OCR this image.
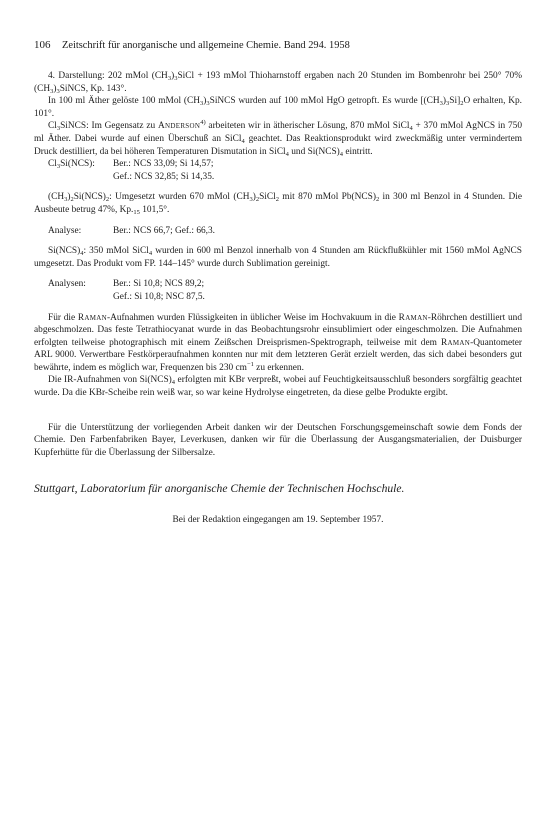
106 Zeitschrift für anorganische und allgemeine Chemie. Band 294. 1958

4. Darstellung: 202 mMol $(CH_3)_3SiCl + 193$ mMol Thioharnstoff ergaben nach 20 Stunden im Bombenrohr bei 250° 70% $(CH_3)_3SiNCS$, Kp. 143°.

In 100 ml Äther gelöste 100 mMol $(CH_3)_3SiNCS$ wurden auf 100 mMol HgO getropft. Es wurde $[(CH_3)_3Si]_2O$ erhalten, Kp. 101°.

$Cl_3SiNCS$: Im Gegensatz zu Anderson$^{4)}$ arbeiteten wir in ätherischer Lösung, 870 mMol SiCl$_4$ + 370 mMol AgNCS in 750 ml Äther. Dabei wurde auf einen Überschuß an SiCl$_4$ geachtet. Das Reaktionsprodukt wird zweckmäßig unter vermindertem Druck destilliert, da bei höheren Temperaturen Dismutation in SiCl$_4$ und $Si(NCS)_4$ eintritt.

$Cl_3Si(NCS)$: Ber.: NCS 33,09; Si 14,57;
Gef.: NCS 32,85; Si 14,35.

$(CH_3)_2Si(NCS)_2$: Umgesetzt wurden 670 mMol $(CH_3)_2SiCl_2$ mit 870 mMol $Pb(NCS)_2$ in 300 ml Benzol in 4 Stunden. Die Ausbeute betrug 47%, $Kp._{15}$ 101,5°.

Analyse:	Ber.: NCS 66,7; Gef.: 66,3.

$Si(NCS)_4$: 350 mMol SiCl$_4$ wurden in 600 ml Benzol innerhalb von 4 Stunden am Rückflußkühler mit 1560 mMol AgNCS umgesetzt. Das Produkt vom FP. 144–145° wurde durch Sublimation gereinigt.

Analysen:	Ber.: Si 10,8; NCS 89,2;
Gef.: Si 10,8; NSC 87,5.

Für die Raman-Aufnahmen wurden Flüssigkeiten in üblicher Weise im Hochvakuum in die Raman-Röhrchen destilliert und abgeschmolzen. Das feste Tetrathiocyanat wurde in das Beobachtungsrohr einsublimiert oder eingeschmolzen. Die Aufnahmen erfolgten teilweise photographisch mit einem Zeißschen Dreisprismen-Spektrograph, teilweise mit dem Raman-Quantometer ARL 9000. Verwertbare Festkörperaufnahmen konnten nur mit dem letzteren Gerät erzielt werden, das sich dabei besonders gut bewährte, indem es möglich war, Frequenzen bis 230 $cm^{-1}$ zu erkennen.

Die IR-Aufnahmen von $Si(NCS)_4$ erfolgten mit KBr verpreßt, wobei auf Feuchtigkeitsausschluß besonders sorgfältig geachtet wurde. Da die KBr-Scheibe rein weiß war, so war keine Hydrolyse eingetreten, da diese gelbe Produkte ergibt.

Für die Unterstützung der vorliegenden Arbeit danken wir der Deutschen Forschungsgemeinschaft sowie dem Fonds der Chemie. Den Farbenfabriken Bayer, Leverkusen, danken wir für die Überlassung der Ausgangsmaterialien, der Duisburger Kupferhütte für die Überlassung der Silbersalze.

Stuttgart, Laboratorium für anorganische Chemie der Technischen Hochschule.

Bei der Redaktion eingegangen am 19. September 1957.
